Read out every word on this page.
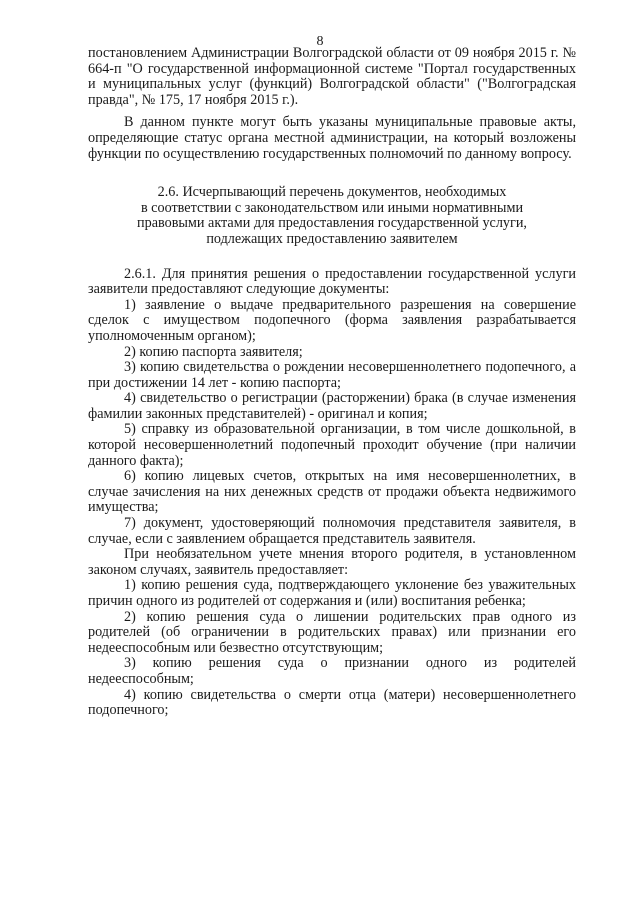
8

постановлением Администрации Волгоградской области от 09 ноября 2015 г. № 664-п "О государственной информационной системе "Портал государственных и муниципальных услуг (функций) Волгоградской области" ("Волгоградская правда", № 175, 17 ноября 2015 г.).

В данном пункте могут быть указаны муниципальные правовые акты, определяющие статус органа местной администрации, на который возложены функции по осуществлению государственных полномочий по данному вопросу.

2.6. Исчерпывающий перечень документов, необходимых

в соответствии с законодательством или иными нормативными

правовыми актами для предоставления государственной услуги,

подлежащих предоставлению заявителем

2.6.1. Для принятия решения о предоставлении государственной услуги заявители предоставляют следующие документы:

1) заявление о выдаче предварительного разрешения на совершение сделок с имуществом подопечного (форма заявления разрабатывается уполномоченным органом);

2) копию паспорта заявителя;

3) копию свидетельства о рождении несовершеннолетнего подопечного, а при достижении 14 лет - копию паспорта;

4) свидетельство о регистрации (расторжении) брака (в случае изменения фамилии законных представителей) - оригинал и копия;

5) справку из образовательной организации, в том числе дошкольной, в которой несовершеннолетний подопечный проходит обучение (при наличии данного факта);

6) копию лицевых счетов, открытых на имя несовершеннолетних, в случае зачисления на них денежных средств от продажи объекта недвижимого имущества;

7) документ, удостоверяющий полномочия представителя заявителя, в случае, если с заявлением обращается представитель заявителя.

При необязательном учете мнения второго родителя, в установленном законом случаях, заявитель предоставляет:

1) копию решения суда, подтверждающего уклонение без уважительных причин одного из родителей от содержания и (или) воспитания ребенка;

2) копию решения суда о лишении родительских прав одного из родителей (об ограничении в родительских правах) или признании его недееспособным или безвестно отсутствующим;

3) копию решения суда о признании одного из родителей недееспособным;

4) копию свидетельства о смерти отца (матери) несовершеннолетнего подопечного;
